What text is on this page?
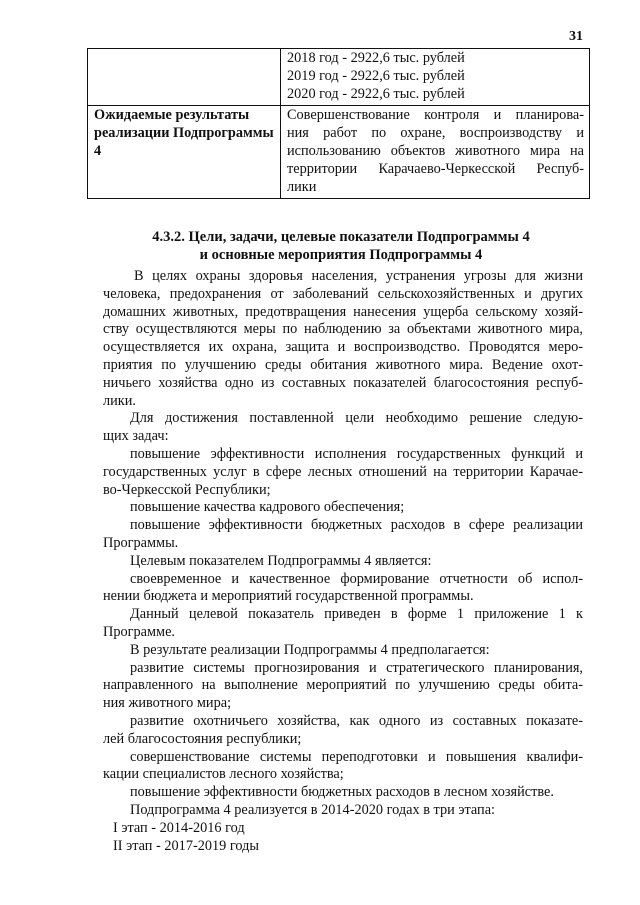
31

	2018 год - 2922,6 тыс. рублей
2019 год - 2922,6 тыс. рублей
2020 год - 2922,6 тыс. рублей

Ожидаемые результаты реализации Подпрограммы 4	Совершенствование контроля и планирова-
ния работ по охране, воспроизводству и
использованию объектов животного мира на
территории Карачаево-Черкесской Респуб-
лики
4.3.2. Цели, задачи, целевые показатели Подпрограммы 4
и основные мероприятия Подпрограммы 4
В целях охраны здоровья населения, устранения угрозы для жизни
человека, предохранения от заболеваний сельскохозяйственных и других
домашних животных, предотвращения нанесения ущерба сельскому хозяй-
ству осуществляются меры по наблюдению за объектами животного мира,
осуществляется их охрана, защита и воспроизводство. Проводятся меро-
приятия по улучшению среды обитания животного мира. Ведение охот-
ничьего хозяйства одно из составных показателей благосостояния респуб-
лики.
Для достижения поставленной цели необходимо решение следую-
щих задач:
повышение эффективности исполнения государственных функций и
государственных услуг в сфере лесных отношений на территории Карачае-
во-Черкесской Республики;
повышение качества кадрового обеспечения;
повышение эффективности бюджетных расходов в сфере реализации
Программы.
Целевым показателем Подпрограммы 4 является:
своевременное и качественное формирование отчетности об испол-
нении бюджета и мероприятий государственной программы.
Данный целевой показатель приведен в форме 1 приложение 1 к
Программе.
В результате реализации Подпрограммы 4 предполагается:
развитие системы прогнозирования и стратегического планирования,
направленного на выполнение мероприятий по улучшению среды обита-
ния животного мира;
развитие охотничьего хозяйства, как одного из составных показате-
лей благосостояния республики;
совершенствование системы переподготовки и повышения квалифи-
кации специалистов лесного хозяйства;
повышение эффективности бюджетных расходов в лесном хозяйстве.
Подпрограмма 4 реализуется в 2014-2020 годах в три этапа:
I этап - 2014-2016 год
II этап - 2017-2019 годы
